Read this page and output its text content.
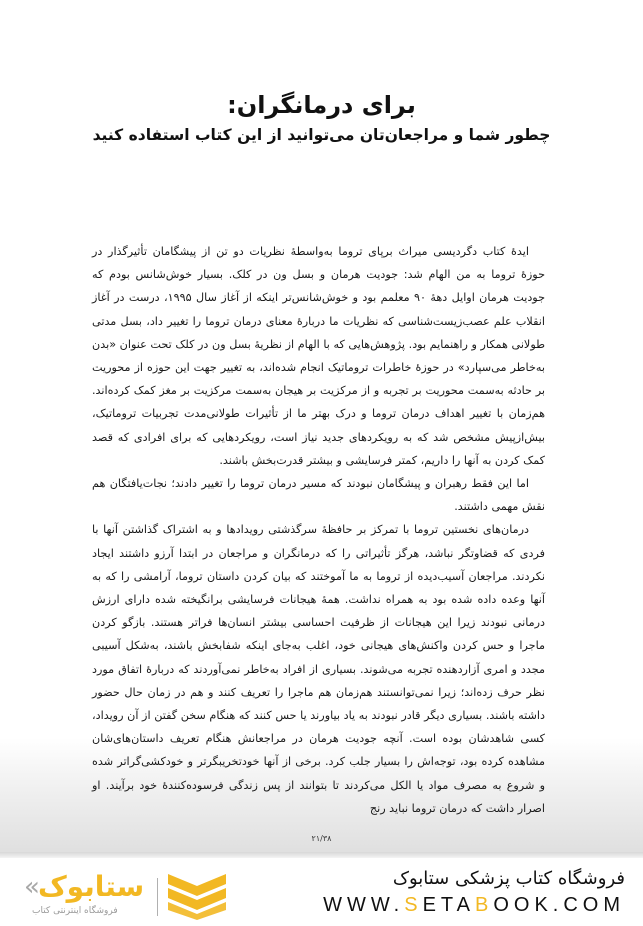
برای درمانگران:
چطور شما و مراجعان‌تان می‌توانید از این کتاب استفاده کنید

ایدۀ کتاب دگردیسی میراث برپای تروما به‌واسطۀ نظریات دو تن از پیشگامان تأثیرگذار در حوزۀ تروما به من الهام شد: جودیت هرمان و بسل ون در کلک. بسیار خوش‌شانس بودم که جودیت هرمان اوایل دهۀ ۹۰ معلمم بود و خوش‌شانس‌تر اینکه از آغاز سال ۱۹۹۵، درست در آغاز انقلاب علم عصب‌زیست‌شناسی که نظریات ما دربارۀ معنای درمان تروما را تغییر داد، بسل مدتی طولانی همکار و راهنمایم بود. پژوهش‌هایی که با الهام از نظریۀ بسل ون در کلک تحت عنوان «بدن به‌خاطر می‌سپارد» در حوزۀ خاطرات تروماتیک انجام شده‌اند، به تغییر جهت این حوزه از محوریت بر حادثه به‌سمت محوریت بر تجربه و از مرکزیت بر هیجان به‌سمت مرکزیت بر مغز کمک کرده‌اند. هم‌زمان با تغییر اهداف درمان تروما و درک بهتر ما از تأثیرات طولانی‌مدت تجربیات تروماتیک، بیش‌ازپیش مشخص شد که به رویکردهای جدید نیاز است، رویکردهایی که برای افرادی که قصد کمک کردن به آنها را داریم، کمتر فرسایشی و بیشتر قدرت‌بخش باشند.

اما این فقط رهبران و پیشگامان نبودند که مسیر درمان تروما را تغییر دادند؛ نجات‌یافتگان هم نقش مهمی داشتند.

درمان‌های نخستین تروما با تمرکز بر حافظۀ سرگذشتی رویدادها و به اشتراک گذاشتن آنها با فردی که قضاوتگر نباشد، هرگز تأثیراتی را که درمانگران و مراجعان در ابتدا آرزو داشتند ایجاد نکردند. مراجعان آسیب‌دیده از تروما به ما آموختند که بیان کردن داستان تروما، آرامشی را که به آنها وعده داده شده بود به همراه نداشت. همۀ هیجانات فرسایشی برانگیخته شده دارای ارزش درمانی نبودند زیرا این هیجانات از ظرفیت احساسی بیشتر انسان‌ها فراتر هستند. بازگو کردن ماجرا و حس کردن واکنش‌های هیجانی خود، اغلب به‌جای اینکه شفابخش باشند، به‌شکل آسیبی مجدد و امری آزاردهنده تجربه می‌شوند. بسیاری از افراد به‌خاطر نمی‌آوردند که دربارۀ اتفاق مورد نظر حرف زده‌اند؛ زیرا نمی‌توانستند هم‌زمان هم ماجرا را تعریف کنند و هم در زمان حال حضور داشته باشند. بسیاری دیگر قادر نبودند به یاد بیاورند یا حس کنند که هنگام سخن گفتن از آن رویداد، کسی شاهدشان بوده است. آنچه جودیت هرمان در مراجعانش هنگام تعریف داستان‌های‌شان مشاهده کرده بود، توجه‌اش را بسیار جلب کرد. برخی از آنها خودتخریبگرتر و خودکشی‌گراتر شده و شروع به مصرف مواد یا الکل می‌کردند تا بتوانند از پس زندگی فرسوده‌کنندۀ خود برآیند. او اصرار داشت که درمان تروما نباید رنج

۲۱/۳۸
«
ستابوک
فروشگاه اینترنتی کتاب
فروشگاه کتاب پزشکی ستابوک
WWW.SETABOOK.COM
